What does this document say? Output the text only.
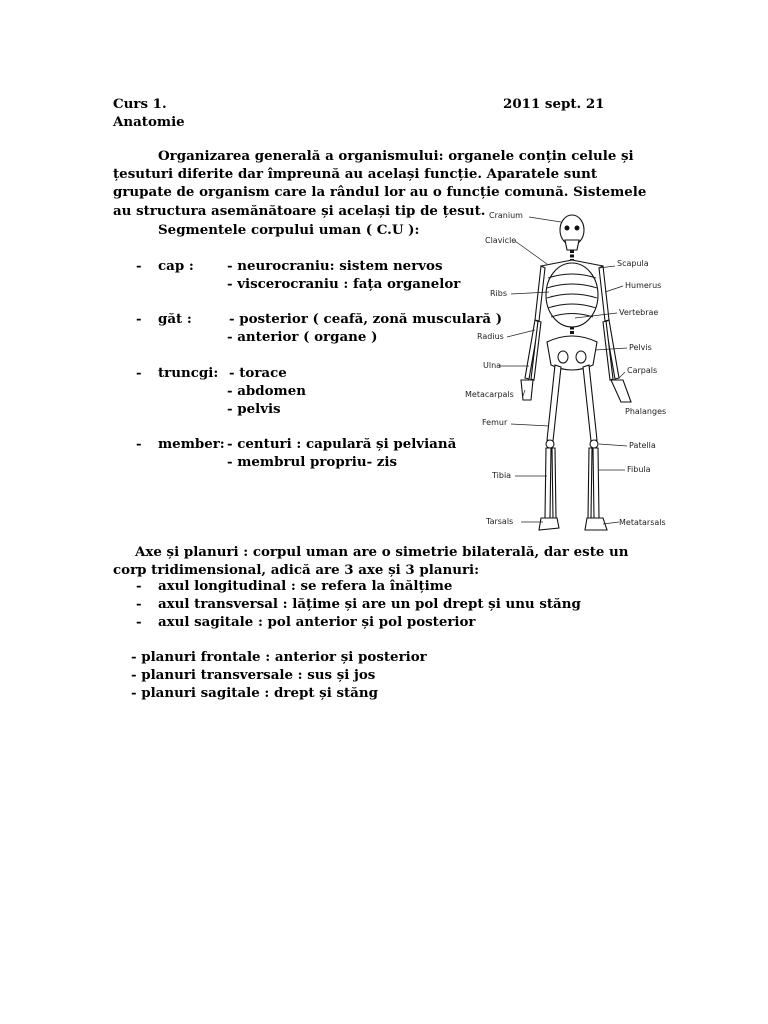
Curs 1.	2011 sept. 21
Anatomie
Organizarea generală a organismului: organele conțin celule și țesuturi diferite dar împreună au același funcție. Aparatele sunt grupate de organism care la rândul lor au o funcție comună. Sistemele au structura asemănătoare și același tip de țesut.
Segmentele corpului uman ( C.U ):
- cap : - neurocraniu: sistem nervos
- viscerocraniu : fața organelor
- găt :	- posterior ( ceafă, zonă musculară )
- anterior ( organe )
- truncgi: - torace
- abdomen
- pelvis
- member: - centuri : capulară și pelviană
- membrul propriu- zis
Axe și planuri : corpul uman are o simetrie bilaterală, dar este un corp tridimensional, adică are 3 axe și 3 planuri:
- axul longitudinal : se refera la înălțime
- axul transversal : lățime și are un pol drept și unu stăng
- axul sagitale : pol anterior și pol posterior
- planuri frontale : anterior și posterior
- planuri transversale : sus și jos
- planuri sagitale : drept și stăng
Cranium
Clavicle
Ribs
Radius
Ulna
Metacarpals
Femur
Tibia
Tarsals
Scapula
Humerus
Vertebrae
Pelvis
Carpals
Phalanges
Patella
Fibula
Metatarsals
